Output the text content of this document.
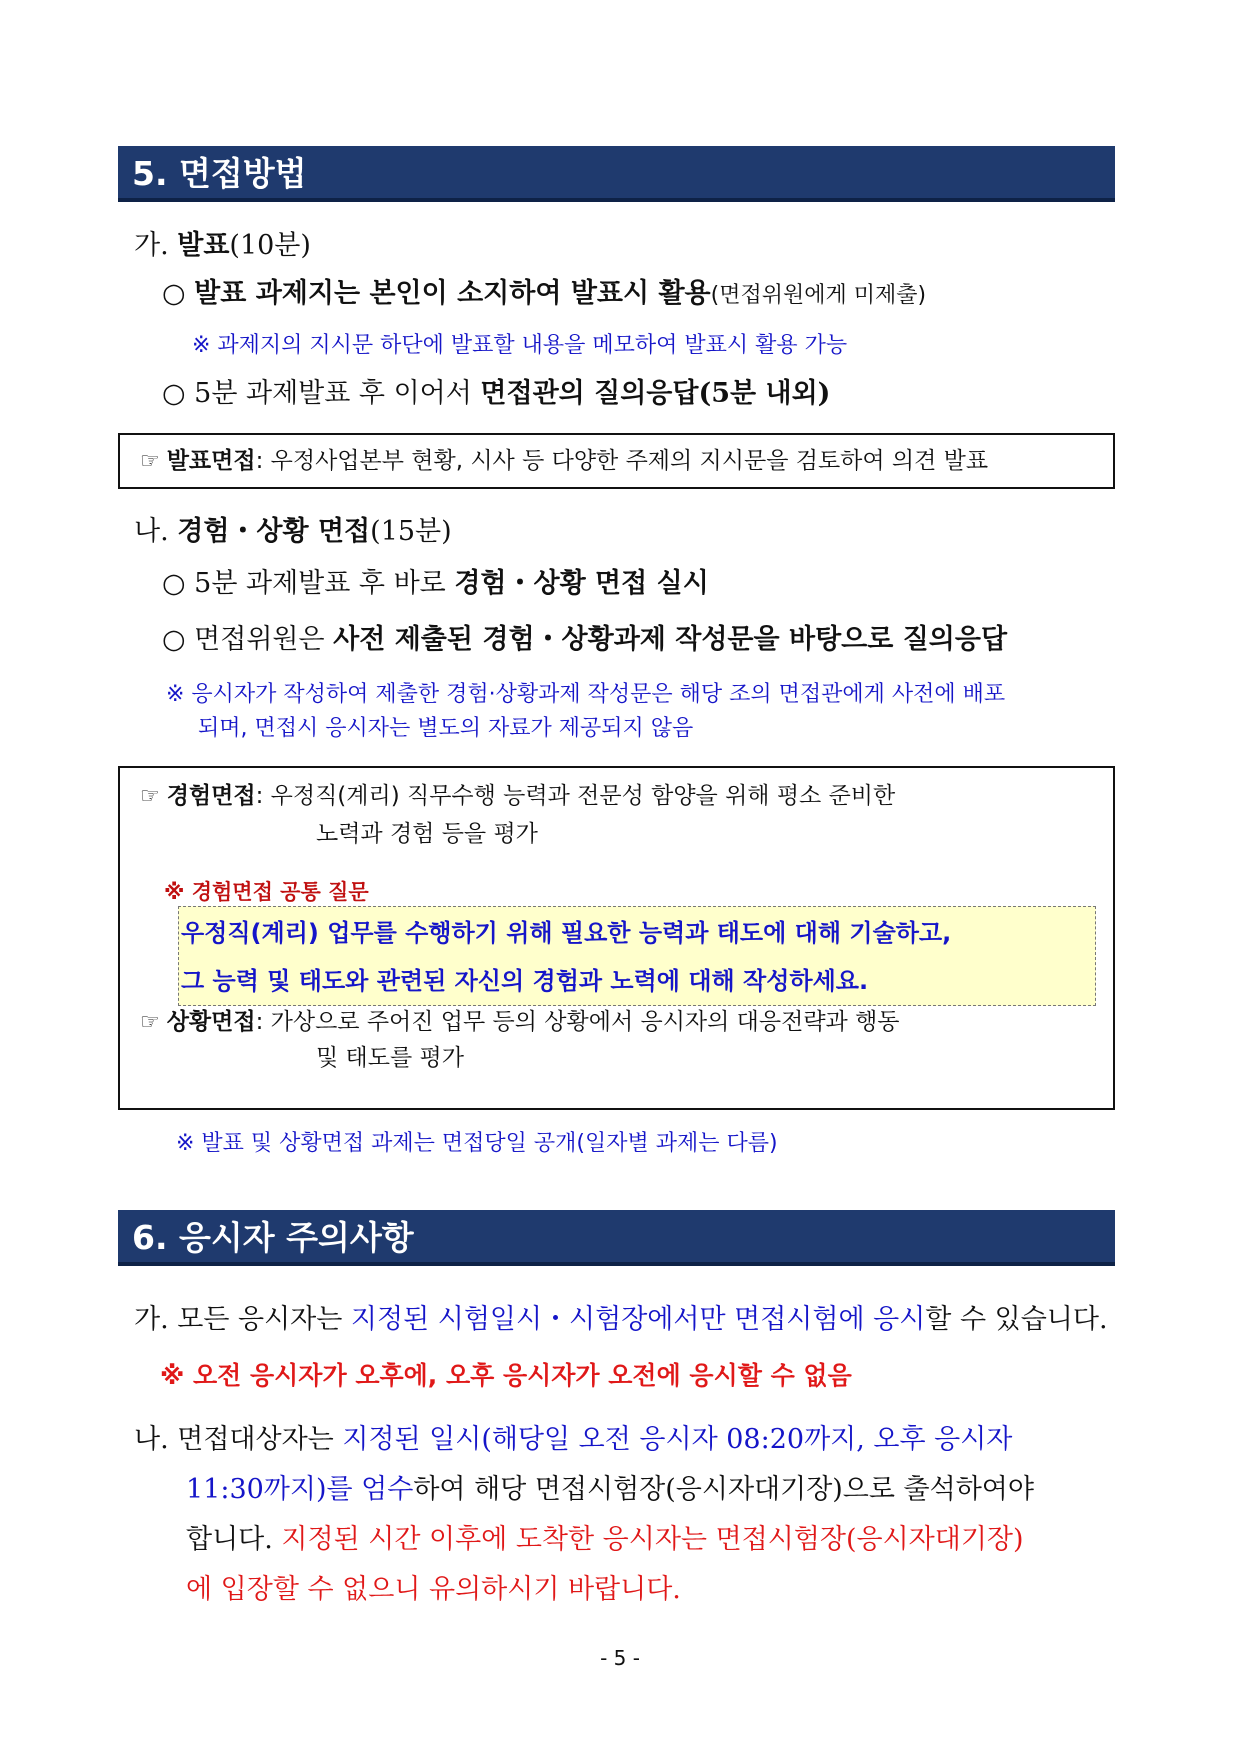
5. 면접방법
가. 발표(10분)
○ 발표 과제지는 본인이 소지하여 발표시 활용(면접위원에게 미제출)
※ 과제지의 지시문 하단에 발표할 내용을 메모하여 발표시 활용 가능
○ 5분 과제발표 후 이어서 면접관의 질의응답(5분 내외)
☞ 발표면접: 우정사업본부 현황, 시사 등 다양한 주제의 지시문을 검토하여 의견 발표
나. 경험・상황 면접(15분)
○ 5분 과제발표 후 바로 경험・상황 면접 실시
○ 면접위원은 사전 제출된 경험・상황과제 작성문을 바탕으로 질의응답
※ 응시자가 작성하여 제출한 경험·상황과제 작성문은 해당 조의 면접관에게 사전에 배포
되며, 면접시 응시자는 별도의 자료가 제공되지 않음
☞ 경험면접: 우정직(계리) 직무수행 능력과 전문성 함양을 위해 평소 준비한
노력과 경험 등을 평가
※ 경험면접 공통 질문
☞ 상황면접: 가상으로 주어진 업무 등의 상황에서 응시자의 대응전략과 행동
및 태도를 평가
우정직(계리) 업무를 수행하기 위해 필요한 능력과 태도에 대해 기술하고,
그 능력 및 태도와 관련된 자신의 경험과 노력에 대해 작성하세요.
※ 발표 및 상황면접 과제는 면접당일 공개(일자별 과제는 다름)
6. 응시자 주의사항
가. 모든 응시자는 지정된 시험일시・시험장에서만 면접시험에 응시할 수 있습니다.
※ 오전 응시자가 오후에, 오후 응시자가 오전에 응시할 수 없음
나. 면접대상자는 지정된 일시(해당일 오전 응시자 08:20까지, 오후 응시자
11:30까지)를 엄수하여 해당 면접시험장(응시자대기장)으로 출석하여야
합니다. 지정된 시간 이후에 도착한 응시자는 면접시험장(응시자대기장)
에 입장할 수 없으니 유의하시기 바랍니다.
- 5 -
